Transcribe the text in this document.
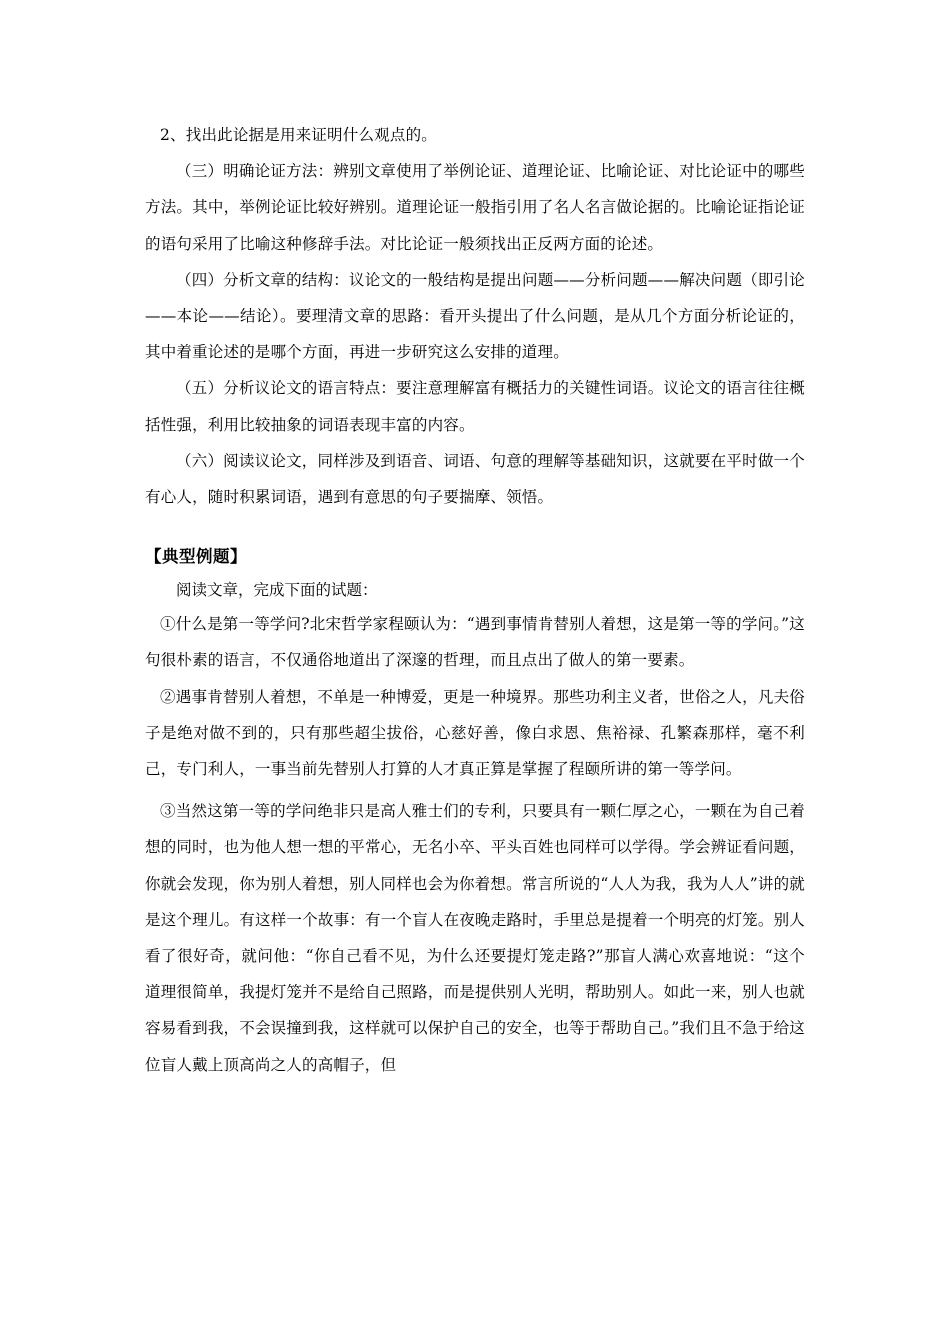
2、找出此论据是用来证明什么观点的。

（三）明确论证方法：辨别文章使用了举例论证、道理论证、比喻论证、对比论证中的哪些方法。其中，举例论证比较好辨别。道理论证一般指引用了名人名言做论据的。比喻论证指论证的语句采用了比喻这种修辞手法。对比论证一般须找出正反两方面的论述。

（四）分析文章的结构：议论文的一般结构是提出问题——分析问题——解决问题（即引论——本论——结论）。要理清文章的思路：看开头提出了什么问题，是从几个方面分析论证的，其中着重论述的是哪个方面，再进一步研究这么安排的道理。

（五）分析议论文的语言特点：要注意理解富有概括力的关键性词语。议论文的语言往往概括性强，利用比较抽象的词语表现丰富的内容。

（六）阅读议论文，同样涉及到语音、词语、句意的理解等基础知识，这就要在平时做一个有心人，随时积累词语，遇到有意思的句子要揣摩、领悟。

【典型例题】

阅读文章，完成下面的试题：

①什么是第一等学问?北宋哲学家程颐认为：“遇到事情肯替别人着想，这是第一等的学问。”这句很朴素的语言，不仅通俗地道出了深邃的哲理，而且点出了做人的第一要素。

②遇事肯替别人着想，不单是一种博爱，更是一种境界。那些功利主义者，世俗之人，凡夫俗子是绝对做不到的，只有那些超尘拔俗，心慈好善，像白求恩、焦裕禄、孔繁森那样，毫不利己，专门利人，一事当前先替别人打算的人才真正算是掌握了程颐所讲的第一等学问。

③当然这第一等的学问绝非只是高人雅士们的专利，只要具有一颗仁厚之心，一颗在为自己着想的同时，也为他人想一想的平常心，无名小卒、平头百姓也同样可以学得。学会辨证看问题，你就会发现，你为别人着想，别人同样也会为你着想。常言所说的“人人为我，我为人人”讲的就是这个理儿。有这样一个故事：有一个盲人在夜晚走路时，手里总是提着一个明亮的灯笼。别人看了很好奇，就问他：“你自己看不见，为什么还要提灯笼走路?”那盲人满心欢喜地说：“这个道理很简单，我提灯笼并不是给自己照路，而是提供别人光明，帮助别人。如此一来，别人也就容易看到我，不会误撞到我，这样就可以保护自己的安全，也等于帮助自己。”我们且不急于给这位盲人戴上顶高尚之人的高帽子，但
